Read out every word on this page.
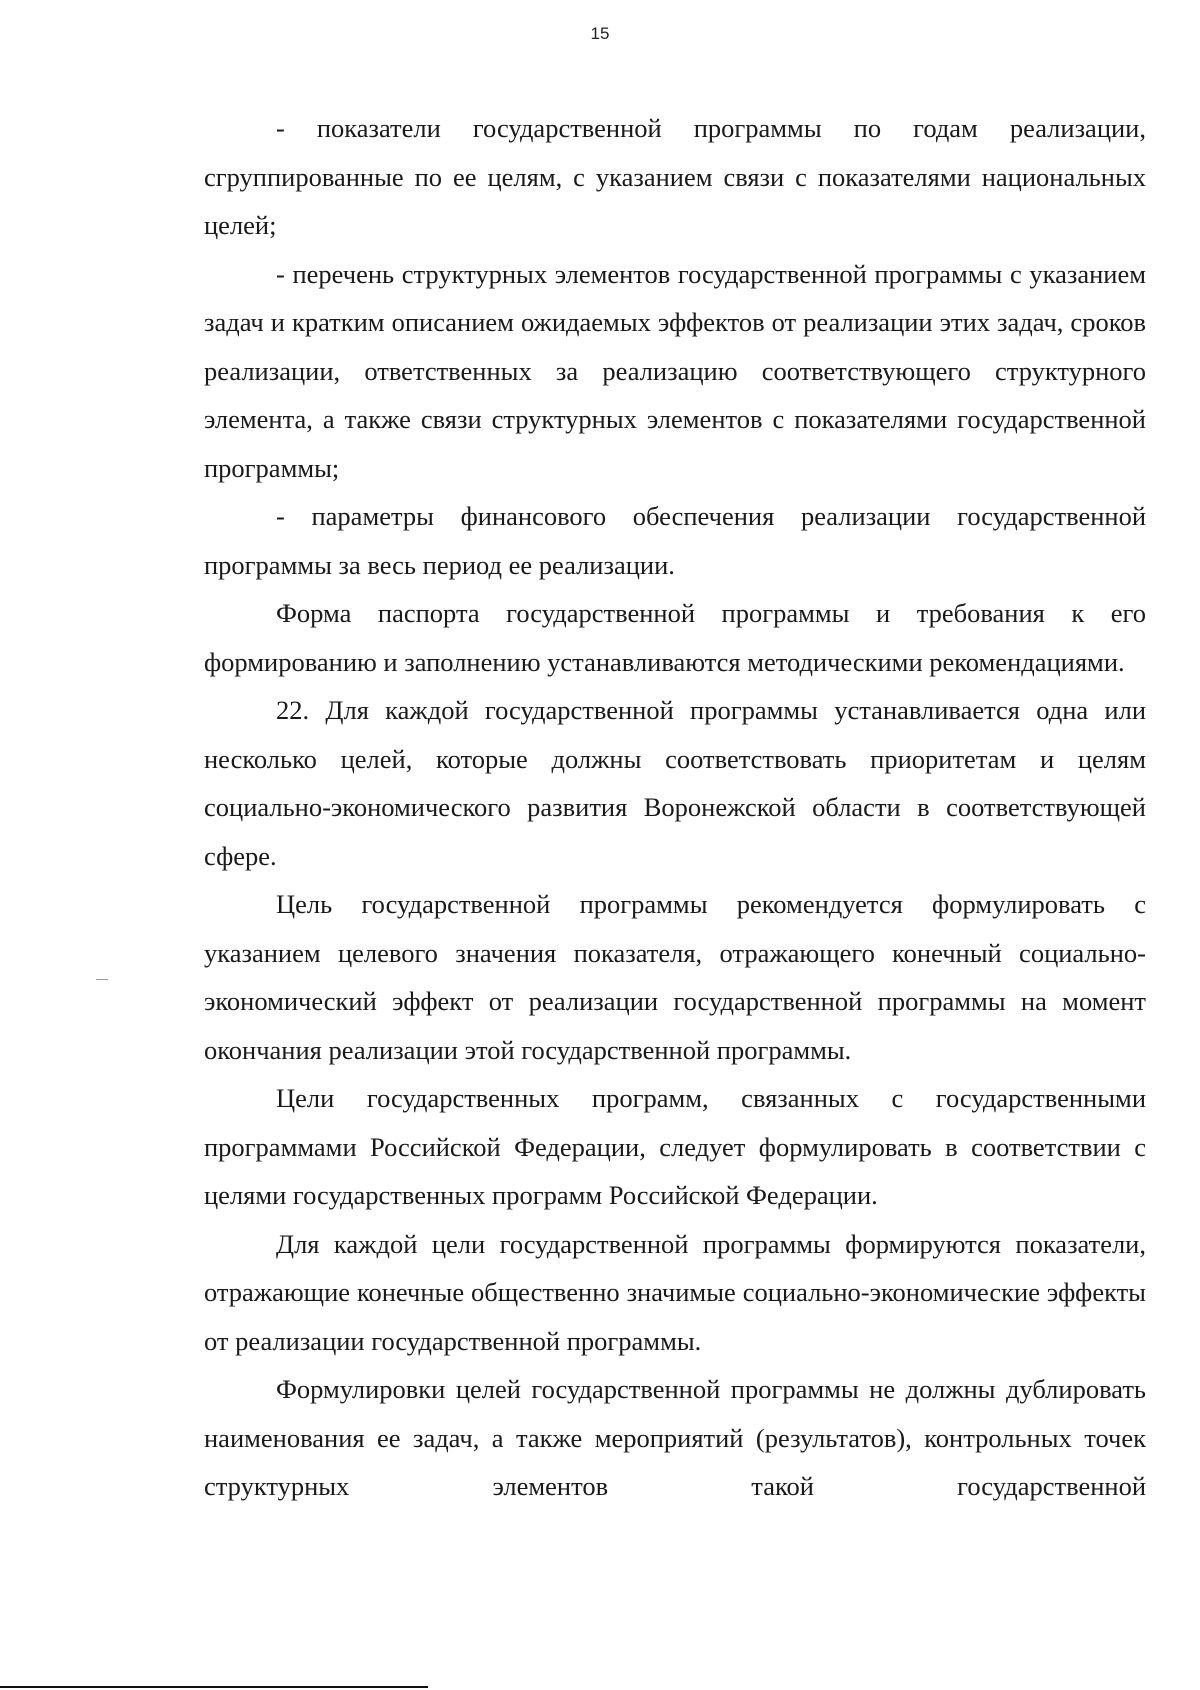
15

- показатели государственной программы по годам реализации, сгруппированные по ее целям, с указанием связи с показателями национальных целей;

- перечень структурных элементов государственной программы с указанием задач и кратким описанием ожидаемых эффектов от реализации этих задач, сроков реализации, ответственных за реализацию соответствующего структурного элемента, а также связи структурных элементов с показателями государственной программы;

- параметры финансового обеспечения реализации государственной программы за весь период ее реализации.

Форма паспорта государственной программы и требования к его формированию и заполнению устанавливаются методическими рекомендациями.

22. Для каждой государственной программы устанавливается одна или несколько целей, которые должны соответствовать приоритетам и целям социально-экономического развития Воронежской области в соответствующей сфере.

Цель государственной программы рекомендуется формулировать с указанием целевого значения показателя, отражающего конечный социально-экономический эффект от реализации государственной программы на момент окончания реализации этой государственной программы.

Цели государственных программ, связанных с государственными программами Российской Федерации, следует формулировать в соответствии с целями государственных программ Российской Федерации.

Для каждой цели государственной программы формируются показатели, отражающие конечные общественно значимые социально-экономические эффекты от реализации государственной программы.

Формулировки целей государственной программы не должны дублировать наименования ее задач, а также мероприятий (результатов), контрольных точек структурных элементов такой государственной
